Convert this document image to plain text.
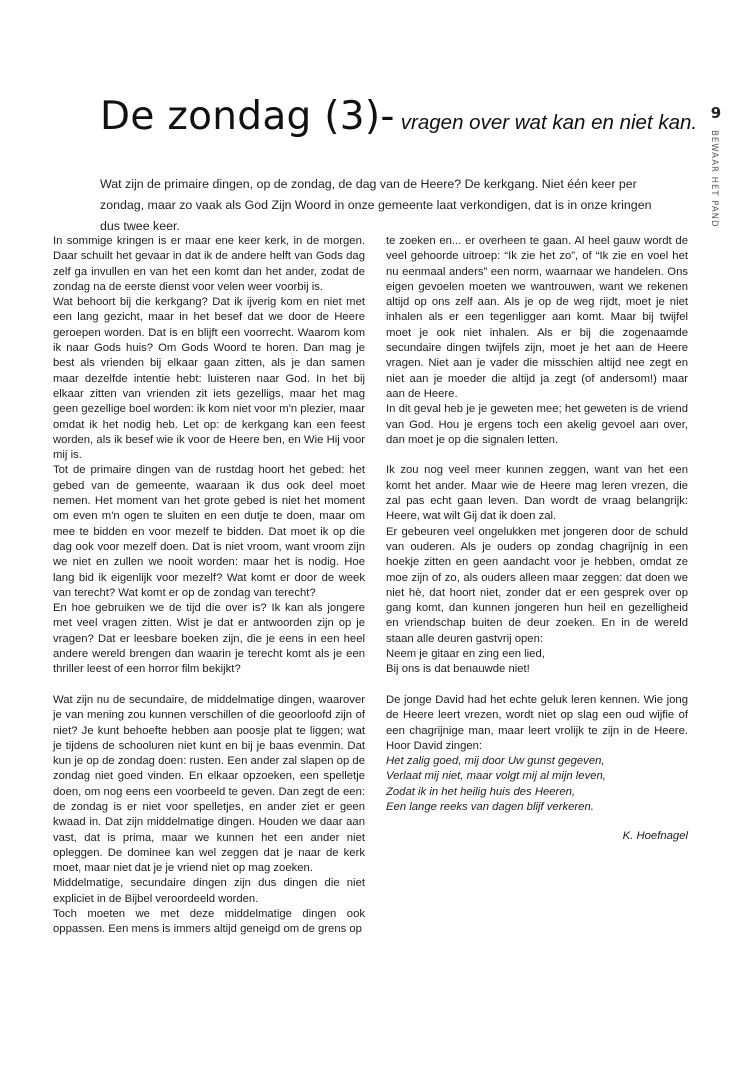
De zondag (3)- vragen over wat kan en niet kan. 9
BEWAAR HET PAND
Wat zijn de primaire dingen, op de zondag, de dag van de Heere? De kerkgang. Niet één keer per zondag, maar zo vaak als God Zijn Woord in onze gemeente laat verkondigen, dat is in onze kringen dus twee keer.

In sommige kringen is er maar ene keer kerk, in de morgen. Daar schuilt het gevaar in dat ik de andere helft van Gods dag zelf ga invullen en van het een komt dan het ander, zodat de zondag na de eerste dienst voor velen weer voorbij is.

Wat behoort bij die kerkgang? Dat ik ijverig kom en niet met een lang gezicht, maar in het besef dat we door de Heere geroepen worden. Dat is en blijft een voorrecht. Waarom kom ik naar Gods huis? Om Gods Woord te horen. Dan mag je best als vrienden bij elkaar gaan zitten, als je dan samen maar dezelfde intentie hebt: luisteren naar God. In het bij elkaar zitten van vrienden zit iets gezelligs, maar het mag geen gezellige boel worden: ik kom niet voor m'n plezier, maar omdat ik het nodig heb. Let op: de kerkgang kan een feest worden, als ik besef wie ik voor de Heere ben, en Wie Hij voor mij is.

Tot de primaire dingen van de rustdag hoort het gebed: het gebed van de gemeente, waaraan ik dus ook deel moet nemen. Het moment van het grote gebed is niet het moment om even m'n ogen te sluiten en een dutje te doen, maar om mee te bidden en voor mezelf te bidden. Dat moet ik op die dag ook voor mezelf doen. Dat is niet vroom, want vroom zijn we niet en zullen we nooit worden: maar het is nodig. Hoe lang bid ik eigenlijk voor mezelf? Wat komt er door de week van terecht? Wat komt er op de zondag van terecht?

En hoe gebruiken we de tijd die over is? Ik kan als jongere met veel vragen zitten. Wist je dat er antwoorden zijn op je vragen? Dat er leesbare boeken zijn, die je eens in een heel andere wereld brengen dan waarin je terecht komt als je een thriller leest of een horror film bekijkt?

Wat zijn nu de secundaire, de middelmatige dingen, waarover je van mening zou kunnen verschillen of die geoorloofd zijn of niet? Je kunt behoefte hebben aan poosje plat te liggen; wat je tijdens de schooluren niet kunt en bij je baas evenmin. Dat kun je op de zondag doen: rusten. Een ander zal slapen op de zondag niet goed vinden. En elkaar opzoeken, een spelletje doen, om nog eens een voorbeeld te geven. Dan zegt de een: de zondag is er niet voor spelletjes, en ander ziet er geen kwaad in. Dat zijn middelmatige dingen. Houden we daar aan vast, dat is prima, maar we kunnen het een ander niet opleggen. De dominee kan wel zeggen dat je naar de kerk moet, maar niet dat je je vriend niet op mag zoeken.

Middelmatige, secundaire dingen zijn dus dingen die niet expliciet in de Bijbel veroordeeld worden.

Toch moeten we met deze middelmatige dingen ook oppassen. Een mens is immers altijd geneigd om de grens op

te zoeken en... er overheen te gaan. Al heel gauw wordt de veel gehoorde uitroep: “Ik zie het zo”, of “Ik zie en voel het nu eenmaal anders” een norm, waarnaar we handelen. Ons eigen gevoelen moeten we wantrouwen, want we rekenen altijd op ons zelf aan. Als je op de weg rijdt, moet je niet inhalen als er een tegenligger aan komt. Maar bij twijfel moet je ook niet inhalen. Als er bij die zogenaamde secundaire dingen twijfels zijn, moet je het aan de Heere vragen. Niet aan je vader die misschien altijd nee zegt en niet aan je moeder die altijd ja zegt (of andersom!) maar aan de Heere.

In dit geval heb je je geweten mee; het geweten is de vriend van God. Hou je ergens toch een akelig gevoel aan over, dan moet je op die signalen letten.

Ik zou nog veel meer kunnen zeggen, want van het een komt het ander. Maar wie de Heere mag leren vrezen, die zal pas echt gaan leven. Dan wordt de vraag belangrijk: Heere, wat wilt Gij dat ik doen zal.

Er gebeuren veel ongelukken met jongeren door de schuld van ouderen. Als je ouders op zondag chagrijnig in een hoekje zitten en geen aandacht voor je hebben, omdat ze moe zijn of zo, als ouders alleen maar zeggen: dat doen we niet hè, dat hoort niet, zonder dat er een gesprek over op gang komt, dan kunnen jongeren hun heil en gezelligheid en vriendschap buiten de deur zoeken. En in de wereld staan alle deuren gastvrij open:

Neem je gitaar en zing een lied,

Bij ons is dat benauwde niet!

De jonge David had het echte geluk leren kennen. Wie jong de Heere leert vrezen, wordt niet op slag een oud wijfie of een chagrijnige man, maar leert vrolijk te zijn in de Heere. Hoor David zingen:

Het zalig goed, mij door Uw gunst gegeven,

Verlaat mij niet, maar volgt mij al mijn leven,

Zodat ik in het heilig huis des Heeren,

Een lange reeks van dagen blijf verkeren.

K. Hoefnagel
